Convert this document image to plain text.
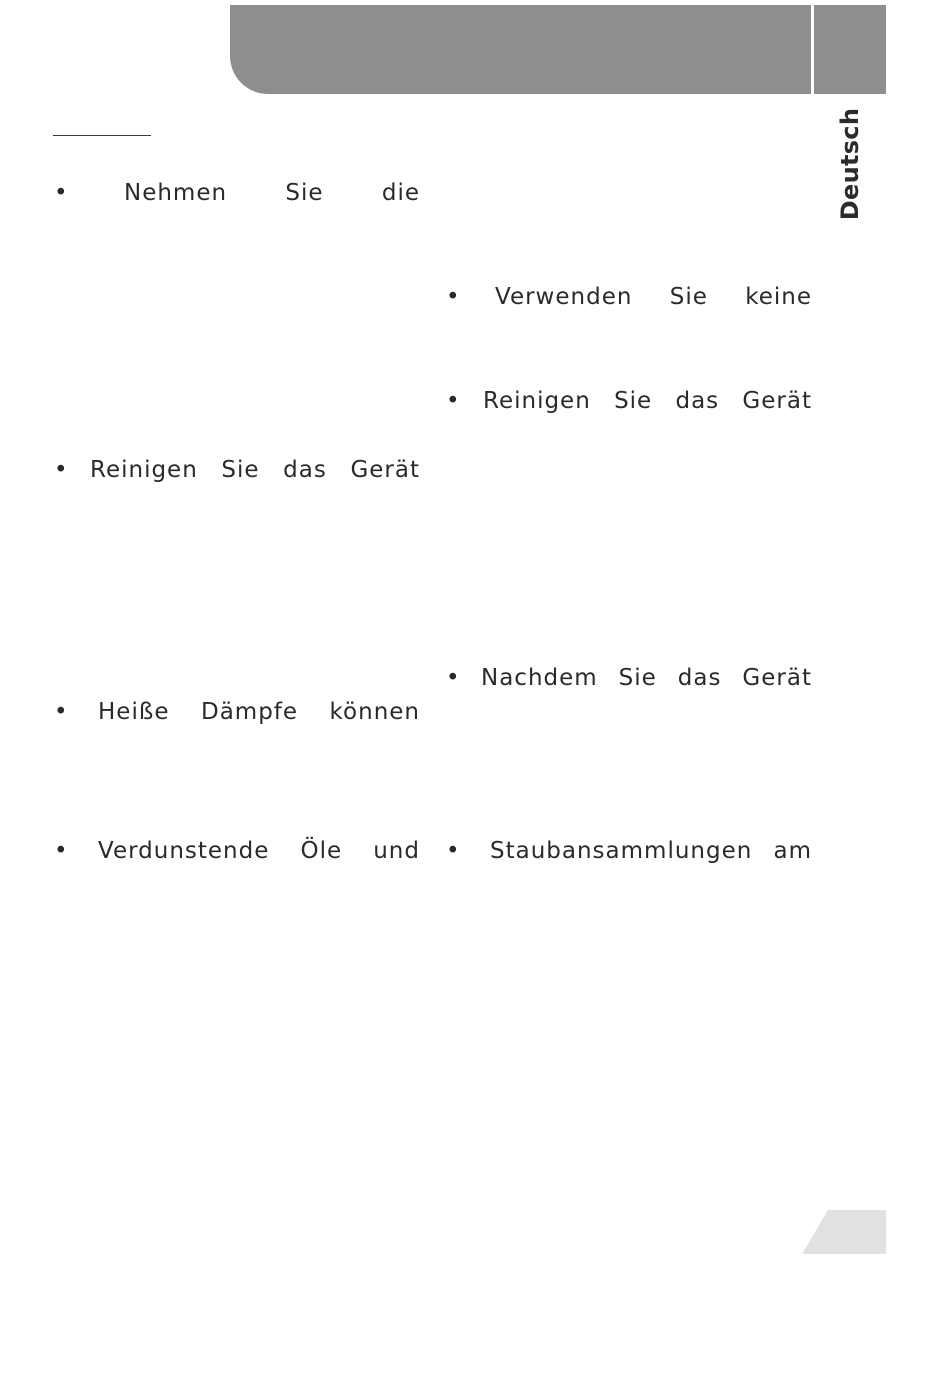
Deutsch
• Nehmen	Sie	die
• Reinigen Sie das Gerät
• Heiße Dämpfe können
• Verdunstende Öle und
• Verwenden Sie keine
• Reinigen Sie das Gerät
• Nachdem Sie das Gerät
• Staubansammlungen am
